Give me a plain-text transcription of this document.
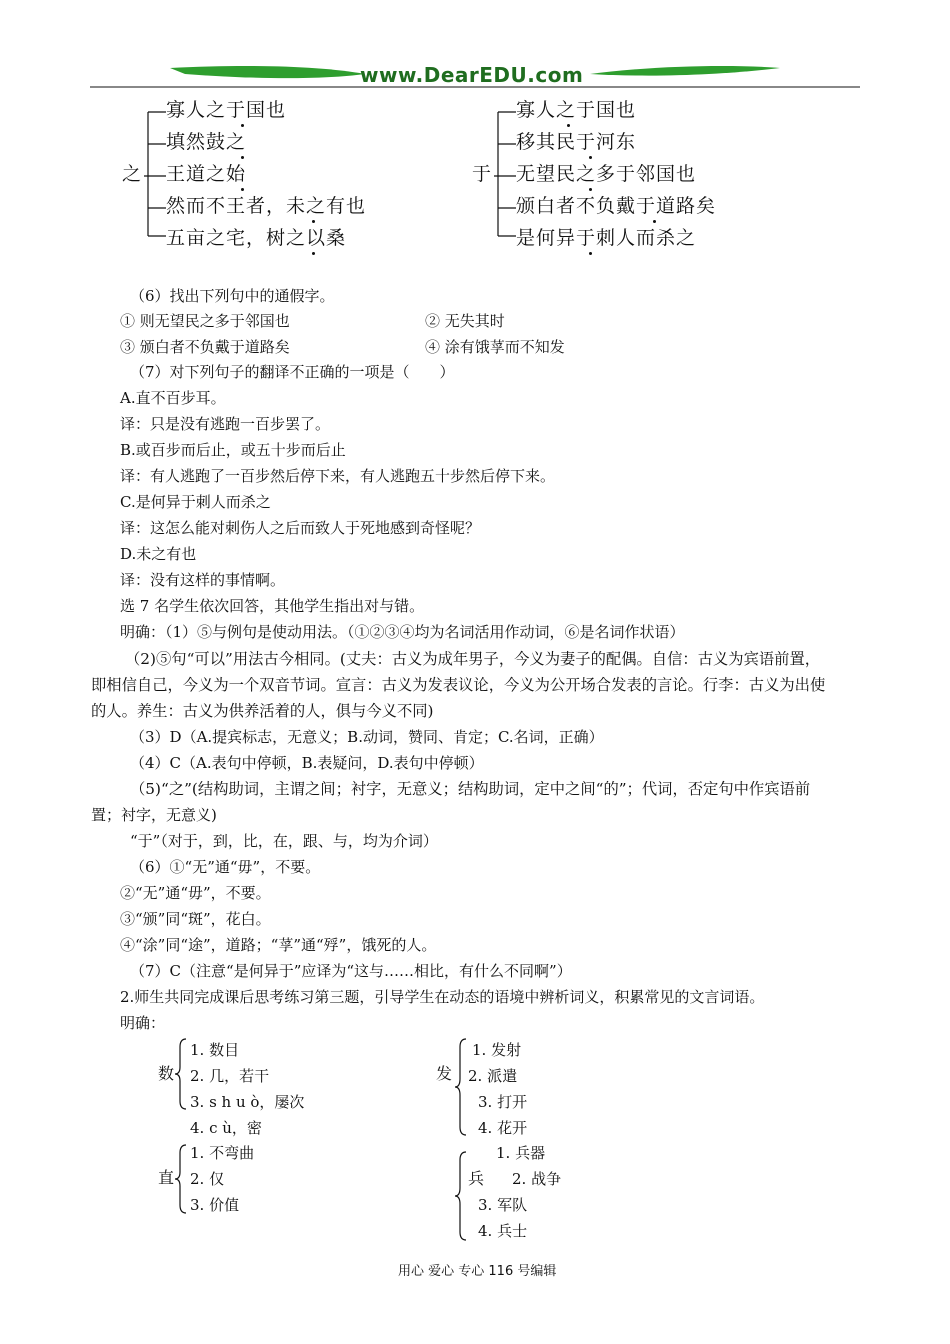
www.DearEDU.com
之
寡人之于国也
填然鼓之
王道之始
然而不王者，未之有也
五亩之宅，树之以桑
于
寡人之于国也
移其民于河东
无望民之多于邻国也
颁白者不负戴于道路矣
是何异于刺人而杀之
（6）找出下列句中的通假字。
① 则无望民之多于邻国也	② 无失其时
③ 颁白者不负戴于道路矣	④ 涂有饿莩而不知发
（7）对下列句子的翻译不正确的一项是（　　）
A.直不百步耳。
译：只是没有逃跑一百步罢了。
B.或百步而后止，或五十步而后止
译：有人逃跑了一百步然后停下来，有人逃跑五十步然后停下来。
C.是何异于刺人而杀之
译：这怎么能对刺伤人之后而致人于死地感到奇怪呢？
D.未之有也
译：没有这样的事情啊。
选 7 名学生依次回答，其他学生指出对与错。
明确：（1）⑤与例句是使动用法。（①②③④均为名词活用作动词，⑥是名词作状语）
（2)⑤句“可以”用法古今相同。(丈夫：古义为成年男子，今义为妻子的配偶。自信：古义为宾语前置，
即相信自己，今义为一个双音节词。宣言：古义为发表议论，今义为公开场合发表的言论。行李：古义为出使
的人。养生：古义为供养活着的人，俱与今义不同)
（3）D（A.提宾标志，无意义；B.动词，赞同、肯定；C.名词，正确）
（4）C（A.表句中停顿，B.表疑问，D.表句中停顿）
（5)“之”(结构助词，主谓之间；衬字，无意义；结构助词，定中之间“的”；代词，否定句中作宾语前
置；衬字，无意义)
“于”（对于，到，比，在，跟、与，均为介词）
（6）①“无”通“毋”，不要。
②“无”通“毋”，不要。
③“颁”同“斑”，花白。
④“涂”同“途”，道路；“莩”通“殍”，饿死的人。
（7）C（注意“是何异于”应译为“这与……相比，有什么不同啊”）
2.师生共同完成课后思考练习第三题，引导学生在动态的语境中辨析词义，积累常见的文言词语。
明确：
数
1. 数目
2. 几，若干
3. s h u ò，屡次
4. c ù，密
发
1. 发射
2. 派遣
3. 打开
4. 花开
直
1. 不弯曲
2. 仅
3. 价值
兵
1. 兵器
2. 战争
3. 军队
4. 兵士
用心 爱心 专心 116 号编辑
